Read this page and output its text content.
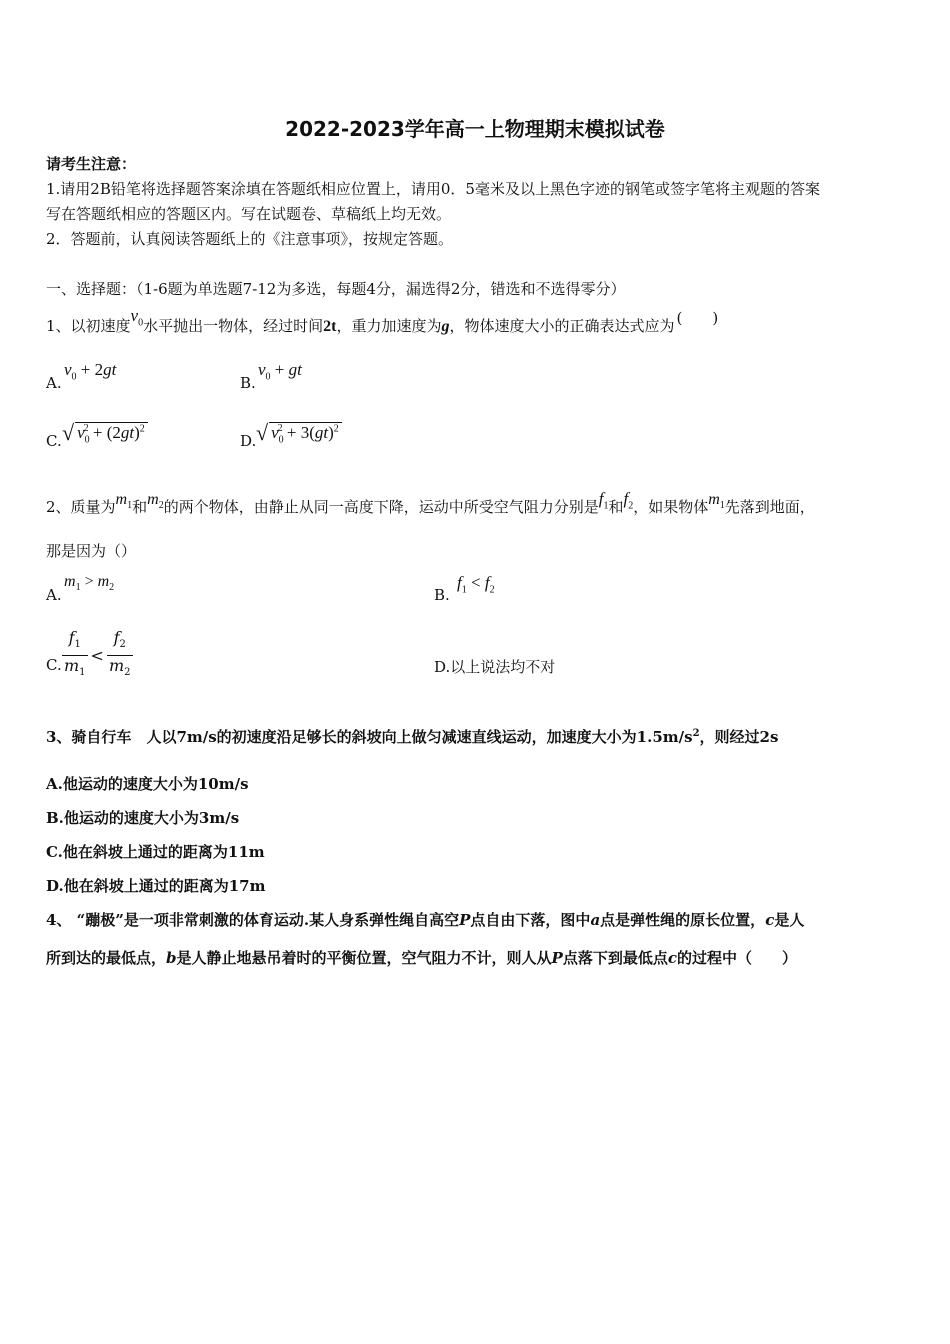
2022-2023学年高一上物理期末模拟试卷
请考生注意：
1.请用2B铅笔将选择题答案涂填在答题纸相应位置上，请用0．5毫米及以上黑色字迹的钢笔或签字笔将主观题的答案
写在答题纸相应的答题区内。写在试题卷、草稿纸上均无效。
2．答题前，认真阅读答题纸上的《注意事项》，按规定答题。
一、选择题：（1-6题为单选题7-12为多选，每题4分，漏选得2分，错选和不选得零分）
1、以初速度$v_0$水平抛出一物体，经过时间2t，重力加速度为g，物体速度大小的正确表达式应为 (　　)
A.
$v_0 + 2gt$
B.
$v_0$ + gt
C. √ $v_0^2 + (2gt)^2$
D. √ $v_0^2 + 3(gt)^2$
2、质量为$m_1$和$m_2$的两个物体，由静止从同一高度下降，运动中所受空气阻力分别是$f_1$和$f_2$，如果物体$m_1$先落到地面，
那是因为（）
A.
$m_1 > m_2$	B.
$f_1 < f_2$
C. $\frac{f_1}{m_1} < \frac{f_2}{m_2}$	D.以上说法均不对
3、骑自行车　人以7m/s的初速度沿足够长的斜坡向上做匀减速直线运动，加速度大小为$1.5m/s^2$，则经过2s
A.他运动的速度大小为10m/s
B.他运动的速度大小为3m/s
C.他在斜坡上通过的距离为11m
D.他在斜坡上通过的距离为17m
4、 “蹦极”是一项非常刺激的体育运动.某人身系弹性绳自高空P点自由下落，图中a点是弹性绳的原长位置，c是人
所到达的最低点，b是人静止地悬吊着时的平衡位置，空气阻力不计，则人从P点落下到最低点c的过程中（　　）
